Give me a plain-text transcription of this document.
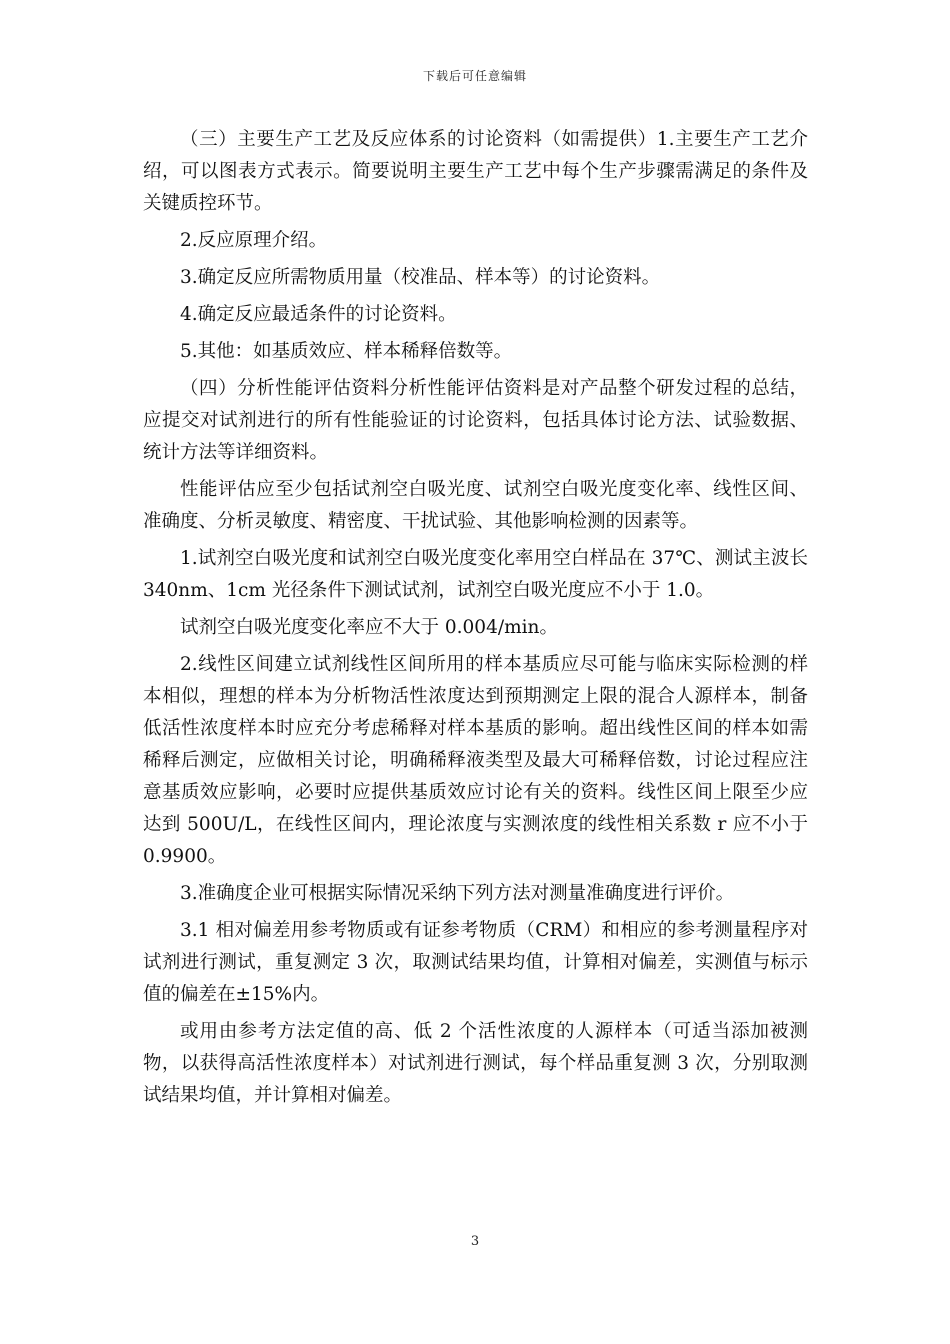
下载后可任意编辑

（三）主要生产工艺及反应体系的讨论资料（如需提供）1.主要生产工艺介绍，可以图表方式表示。简要说明主要生产工艺中每个生产步骤需满足的条件及关键质控环节。

2.反应原理介绍。

3.确定反应所需物质用量（校准品、样本等）的讨论资料。

4.确定反应最适条件的讨论资料。

5.其他：如基质效应、样本稀释倍数等。

（四）分析性能评估资料分析性能评估资料是对产品整个研发过程的总结，应提交对试剂进行的所有性能验证的讨论资料，包括具体讨论方法、试验数据、统计方法等详细资料。

性能评估应至少包括试剂空白吸光度、试剂空白吸光度变化率、线性区间、准确度、分析灵敏度、精密度、干扰试验、其他影响检测的因素等。

1.试剂空白吸光度和试剂空白吸光度变化率用空白样品在 37℃、测试主波长 340nm、1cm 光径条件下测试试剂，试剂空白吸光度应不小于 1.0。

试剂空白吸光度变化率应不大于 0.004/min。

2.线性区间建立试剂线性区间所用的样本基质应尽可能与临床实际检测的样本相似，理想的样本为分析物活性浓度达到预期测定上限的混合人源样本，制备低活性浓度样本时应充分考虑稀释对样本基质的影响。超出线性区间的样本如需稀释后测定，应做相关讨论，明确稀释液类型及最大可稀释倍数，讨论过程应注意基质效应影响，必要时应提供基质效应讨论有关的资料。线性区间上限至少应达到 500U/L，在线性区间内，理论浓度与实测浓度的线性相关系数 r 应不小于 0.9900。

3.准确度企业可根据实际情况采纳下列方法对测量准确度进行评价。

3.1 相对偏差用参考物质或有证参考物质（CRM）和相应的参考测量程序对试剂进行测试，重复测定 3 次，取测试结果均值，计算相对偏差，实测值与标示值的偏差在±15%内。

或用由参考方法定值的高、低 2 个活性浓度的人源样本（可适当添加被测物，以获得高活性浓度样本）对试剂进行测试，每个样品重复测 3 次，分别取测试结果均值，并计算相对偏差。

3
